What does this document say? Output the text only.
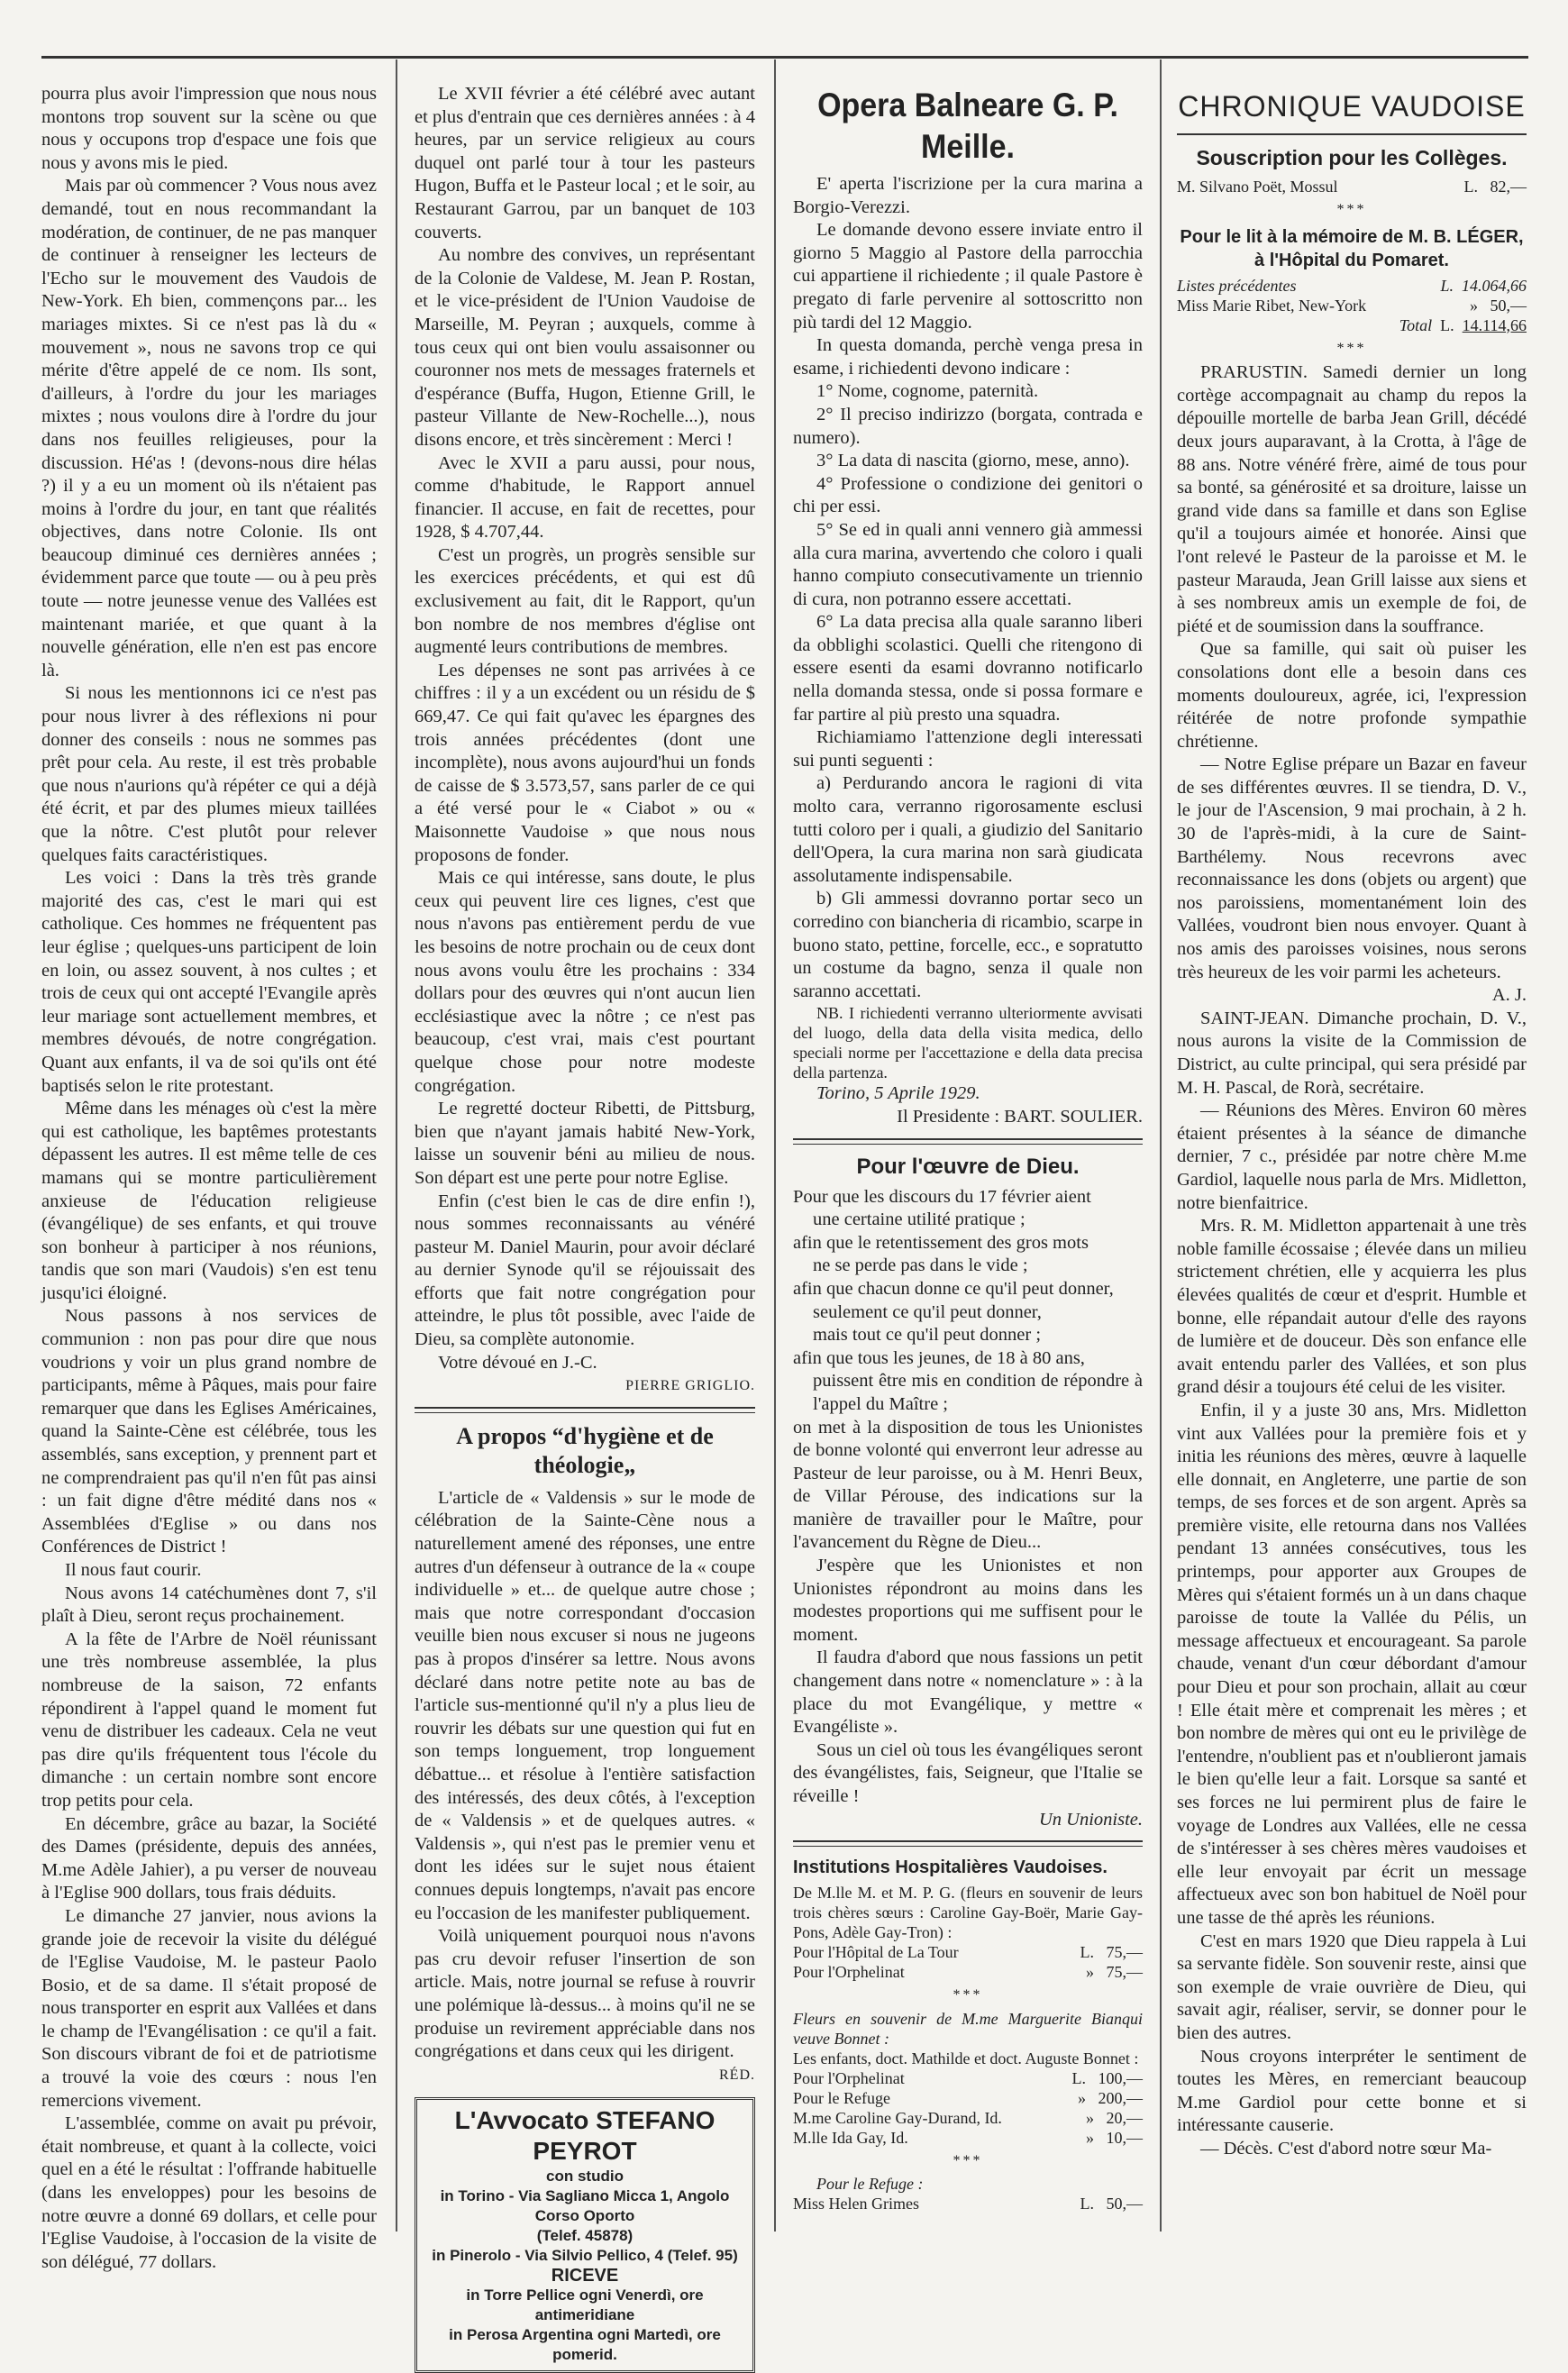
pourra plus avoir l'impression que nous nous montons trop souvent sur la scène ou que nous y occupons trop d'espace une fois que nous y avons mis le pied.

Mais par où commencer ? Vous nous avez demandé, tout en nous recommandant la modération, de continuer, de ne pas manquer de continuer à renseigner les lecteurs de l'Echo sur le mouvement des Vaudois de New-York. Eh bien, commençons par... les mariages mixtes. Si ce n'est pas là du « mouvement », nous ne savons trop ce qui mérite d'être appelé de ce nom. Ils sont, d'ailleurs, à l'ordre du jour les mariages mixtes ; nous voulons dire à l'ordre du jour dans nos feuilles religieuses, pour la discussion. Hé'as ! (devons-nous dire hélas ?) il y a eu un moment où ils n'étaient pas moins à l'ordre du jour, en tant que réalités objectives, dans notre Colonie. Ils ont beaucoup diminué ces dernières années ; évidemment parce que toute — ou à peu près toute — notre jeunesse venue des Vallées est maintenant mariée, et que quant à la nouvelle génération, elle n'en est pas encore là.

Si nous les mentionnons ici ce n'est pas pour nous livrer à des réflexions ni pour donner des conseils : nous ne sommes pas prêt pour cela. Au reste, il est très probable que nous n'aurions qu'à répéter ce qui a déjà été écrit, et par des plumes mieux taillées que la nôtre. C'est plutôt pour relever quelques faits caractéristiques.

Les voici : Dans la très très grande majorité des cas, c'est le mari qui est catholique. Ces hommes ne fréquentent pas leur église ; quelques-uns participent de loin en loin, ou assez souvent, à nos cultes ; et trois de ceux qui ont accepté l'Evangile après leur mariage sont actuellement membres, et membres dévoués, de notre congrégation. Quant aux enfants, il va de soi qu'ils ont été baptisés selon le rite protestant.

Même dans les ménages où c'est la mère qui est catholique, les baptêmes protestants dépassent les autres. Il est même telle de ces mamans qui se montre particulièrement anxieuse de l'éducation religieuse (évangélique) de ses enfants, et qui trouve son bonheur à participer à nos réunions, tandis que son mari (Vaudois) s'en est tenu jusqu'ici éloigné.

Nous passons à nos services de communion : non pas pour dire que nous voudrions y voir un plus grand nombre de participants, même à Pâques, mais pour faire remarquer que dans les Eglises Américaines, quand la Sainte-Cène est célébrée, tous les assemblés, sans exception, y prennent part et ne comprendraient pas qu'il n'en fût pas ainsi : un fait digne d'être médité dans nos « Assemblées d'Eglise » ou dans nos Conférences de District !

Il nous faut courir.

Nous avons 14 catéchumènes dont 7, s'il plaît à Dieu, seront reçus prochainement.

A la fête de l'Arbre de Noël réunissant une très nombreuse assemblée, la plus nombreuse de la saison, 72 enfants répondirent à l'appel quand le moment fut venu de distribuer les cadeaux. Cela ne veut pas dire qu'ils fréquentent tous l'école du dimanche : un certain nombre sont encore trop petits pour cela.

En décembre, grâce au bazar, la Société des Dames (présidente, depuis des années, M.me Adèle Jahier), a pu verser de nouveau à l'Eglise 900 dollars, tous frais déduits.

Le dimanche 27 janvier, nous avions la grande joie de recevoir la visite du délégué de l'Eglise Vaudoise, M. le pasteur Paolo Bosio, et de sa dame. Il s'était proposé de nous transporter en esprit aux Vallées et dans le champ de l'Evangélisation : ce qu'il a fait. Son discours vibrant de foi et de patriotisme a trouvé la voie des cœurs : nous l'en remercions vivement.

L'assemblée, comme on avait pu prévoir, était nombreuse, et quant à la collecte, voici quel en a été le résultat : l'offrande habituelle (dans les enveloppes) pour les besoins de notre œuvre a donné 69 dollars, et celle pour l'Eglise Vaudoise, à l'occasion de la visite de son délégué, 77 dollars.

Le XVII février a été célébré avec autant et plus d'entrain que ces dernières années : à 4 heures, par un service religieux au cours duquel ont parlé tour à tour les pasteurs Hugon, Buffa et le Pasteur local ; et le soir, au Restaurant Garrou, par un banquet de 103 couverts.

Au nombre des convives, un représentant de la Colonie de Valdese, M. Jean P. Rostan, et le vice-président de l'Union Vaudoise de Marseille, M. Peyran ; auxquels, comme à tous ceux qui ont bien voulu assaisonner ou couronner nos mets de messages fraternels et d'espérance (Buffa, Hugon, Etienne Grill, le pasteur Villante de New-Rochelle...), nous disons encore, et très sincèrement : Merci !

Avec le XVII a paru aussi, pour nous, comme d'habitude, le Rapport annuel financier. Il accuse, en fait de recettes, pour 1928, $ 4.707,44.

C'est un progrès, un progrès sensible sur les exercices précédents, et qui est dû exclusivement au fait, dit le Rapport, qu'un bon nombre de nos membres d'église ont augmenté leurs contributions de membres.

Les dépenses ne sont pas arrivées à ce chiffres : il y a un excédent ou un résidu de $ 669,47. Ce qui fait qu'avec les épargnes des trois années précédentes (dont une incomplète), nous avons aujourd'hui un fonds de caisse de $ 3.573,57, sans parler de ce qui a été versé pour le « Ciabot » ou « Maisonnette Vaudoise » que nous nous proposons de fonder.

Mais ce qui intéresse, sans doute, le plus ceux qui peuvent lire ces lignes, c'est que nous n'avons pas entièrement perdu de vue les besoins de notre prochain ou de ceux dont nous avons voulu être les prochains : 334 dollars pour des œuvres qui n'ont aucun lien ecclésiastique avec la nôtre ; ce n'est pas beaucoup, c'est vrai, mais c'est pourtant quelque chose pour notre modeste congrégation.

Le regretté docteur Ribetti, de Pittsburg, bien que n'ayant jamais habité New-York, laisse un souvenir béni au milieu de nous. Son départ est une perte pour notre Eglise.

Enfin (c'est bien le cas de dire enfin !), nous sommes reconnaissants au vénéré pasteur M. Daniel Maurin, pour avoir déclaré au dernier Synode qu'il se réjouissait des efforts que fait notre congrégation pour atteindre, le plus tôt possible, avec l'aide de Dieu, sa complète autonomie.

Votre dévoué en J.-C.

PIERRE GRIGLIO.

A propos “d'hygiène et de théologie„

L'article de « Valdensis » sur le mode de célébration de la Sainte-Cène nous a naturellement amené des réponses, une entre autres d'un défenseur à outrance de la « coupe individuelle » et... de quelque autre chose ; mais que notre correspondant d'occasion veuille bien nous excuser si nous ne jugeons pas à propos d'insérer sa lettre. Nous avons déclaré dans notre petite note au bas de l'article sus-mentionné qu'il n'y a plus lieu de rouvrir les débats sur une question qui fut en son temps longuement, trop longuement débattue... et résolue à l'entière satisfaction des intéressés, des deux côtés, à l'exception de « Valdensis » et de quelques autres. « Valdensis », qui n'est pas le premier venu et dont les idées sur le sujet nous étaient connues depuis longtemps, n'avait pas encore eu l'occasion de les manifester publiquement.

Voilà uniquement pourquoi nous n'avons pas cru devoir refuser l'insertion de son article. Mais, notre journal se refuse à rouvrir une polémique là-dessus... à moins qu'il ne se produise un revirement appréciable dans nos congrégations et dans ceux qui les dirigent.

RÉD.

L'Avvocato STEFANO PEYROT
con studio
in Torino - Via Sagliano Micca 1, Angolo Corso Oporto
(Telef. 45878)
in Pinerolo - Via Silvio Pellico, 4 (Telef. 95)
RICEVE
in Torre Pellice ogni Venerdì, ore antimeridiane
in Perosa Argentina ogni Martedì, ore pomerid.
Opera Balneare G. P. Meille.

E' aperta l'iscrizione per la cura marina a Borgio-Verezzi.

Le domande devono essere inviate entro il giorno 5 Maggio al Pastore della parrocchia cui appartiene il richiedente ; il quale Pastore è pregato di farle pervenire al sottoscritto non più tardi del 12 Maggio.

In questa domanda, perchè venga presa in esame, i richiedenti devono indicare :

1° Nome, cognome, paternità.

2° Il preciso indirizzo (borgata, contrada e numero).

3° La data di nascita (giorno, mese, anno).

4° Professione o condizione dei genitori o chi per essi.

5° Se ed in quali anni vennero già ammessi alla cura marina, avvertendo che coloro i quali hanno compiuto consecutivamente un triennio di cura, non potranno essere accettati.

6° La data precisa alla quale saranno liberi da obblighi scolastici. Quelli che ritengono di essere esenti da esami dovranno notificarlo nella domanda stessa, onde si possa formare e far partire al più presto una squadra.

Richiamiamo l'attenzione degli interessati sui punti seguenti :

a) Perdurando ancora le ragioni di vita molto cara, verranno rigorosamente esclusi tutti coloro per i quali, a giudizio del Sanitario dell'Opera, la cura marina non sarà giudicata assolutamente indispensabile.

b) Gli ammessi dovranno portar seco un corredino con biancheria di ricambio, scarpe in buono stato, pettine, forcelle, ecc., e sopratutto un costume da bagno, senza il quale non saranno accettati.

NB. I richiedenti verranno ulteriormente avvisati del luogo, della data della visita medica, dello speciali norme per l'accettazione e della data precisa della partenza.

Torino, 5 Aprile 1929.

Il Presidente : BART. SOULIER.

Pour l'œuvre de Dieu.

Pour que les discours du 17 février aient

une certaine utilité pratique ;

afin que le retentissement des gros mots

ne se perde pas dans le vide ;

afin que chacun donne ce qu'il peut donner,

seulement ce qu'il peut donner,

mais tout ce qu'il peut donner ;

afin que tous les jeunes, de 18 à 80 ans,

puissent être mis en condition de répondre à l'appel du Maître ;

on met à la disposition de tous les Unionistes de bonne volonté qui enverront leur adresse au Pasteur de leur paroisse, ou à M. Henri Beux, de Villar Pérouse, des indications sur la manière de travailler pour le Maître, pour l'avancement du Règne de Dieu...

J'espère que les Unionistes et non Unionistes répondront au moins dans les modestes proportions qui me suffisent pour le moment.

Il faudra d'abord que nous fassions un petit changement dans notre « nomenclature » : à la place du mot Evangélique, y mettre « Evangéliste ».

Sous un ciel où tous les évangéliques seront des évangélistes, fais, Seigneur, que l'Italie se réveille !

Un Unioniste.

Institutions Hospitalières Vaudoises.

De M.lle M. et M. P. G. (fleurs en souvenir de leurs trois chères sœurs : Caroline Gay-Boër, Marie Gay-Pons, Adèle Gay-Tron) :

Pour l'Hôpital de La Tour	L. 75,—
Pour l'Orphelinat	» 75,—
***

Fleurs en souvenir de M.me Marguerite Bianqui veuve Bonnet :

Les enfants, doct. Mathilde et doct. Auguste Bonnet :

Pour l'Orphelinat	L. 100,—
Pour le Refuge	» 200,—
M.me Caroline Gay-Durand, Id.	» 20,—
M.lle Ida Gay, Id.	» 10,—
***

Pour le Refuge :

Miss Helen Grimes	L. 50,—
CHRONIQUE VAUDOISE
Souscription pour les Collèges.
M. Silvano Poët, Mossul	L. 82,—
***
Pour le lit à la mémoire de M. B. LÉGER, à l'Hôpital du Pomaret.
Listes précédentes	L. 14.064,66
Miss Marie Ribet, New-York	» 50,—
Total L. 14.114,66
***

PRARUSTIN. Samedi dernier un long cortège accompagnait au champ du repos la dépouille mortelle de barba Jean Grill, décédé deux jours auparavant, à la Crotta, à l'âge de 88 ans. Notre vénéré frère, aimé de tous pour sa bonté, sa générosité et sa droiture, laisse un grand vide dans sa famille et dans son Eglise qu'il a toujours aimée et honorée. Ainsi que l'ont relevé le Pasteur de la paroisse et M. le pasteur Marauda, Jean Grill laisse aux siens et à ses nombreux amis un exemple de foi, de piété et de soumission dans la souffrance.

Que sa famille, qui sait où puiser les consolations dont elle a besoin dans ces moments douloureux, agrée, ici, l'expression réitérée de notre profonde sympathie chrétienne.

— Notre Eglise prépare un Bazar en faveur de ses différentes œuvres. Il se tiendra, D. V., le jour de l'Ascension, 9 mai prochain, à 2 h. 30 de l'après-midi, à la cure de Saint-Barthélemy. Nous recevrons avec reconnaissance les dons (objets ou argent) que nos paroissiens, momentanément loin des Vallées, voudront bien nous envoyer. Quant à nos amis des paroisses voisines, nous serons très heureux de les voir parmi les acheteurs.

A. J.

SAINT-JEAN. Dimanche prochain, D. V., nous aurons la visite de la Commission de District, au culte principal, qui sera présidé par M. H. Pascal, de Rorà, secrétaire.

— Réunions des Mères. Environ 60 mères étaient présentes à la séance de dimanche dernier, 7 c., présidée par notre chère M.me Gardiol, laquelle nous parla de Mrs. Midletton, notre bienfaitrice.

Mrs. R. M. Midletton appartenait à une très noble famille écossaise ; élevée dans un milieu strictement chrétien, elle y acquierra les plus élevées qualités de cœur et d'esprit. Humble et bonne, elle répandait autour d'elle des rayons de lumière et de douceur. Dès son enfance elle avait entendu parler des Vallées, et son plus grand désir a toujours été celui de les visiter.

Enfin, il y a juste 30 ans, Mrs. Midletton vint aux Vallées pour la première fois et y initia les réunions des mères, œuvre à laquelle elle donnait, en Angleterre, une partie de son temps, de ses forces et de son argent. Après sa première visite, elle retourna dans nos Vallées pendant 13 années consécutives, tous les printemps, pour apporter aux Groupes de Mères qui s'étaient formés un à un dans chaque paroisse de toute la Vallée du Pélis, un message affectueux et encourageant. Sa parole chaude, venant d'un cœur débordant d'amour pour Dieu et pour son prochain, allait au cœur ! Elle était mère et comprenait les mères ; et bon nombre de mères qui ont eu le privilège de l'entendre, n'oublient pas et n'oublieront jamais le bien qu'elle leur a fait. Lorsque sa santé et ses forces ne lui permirent plus de faire le voyage de Londres aux Vallées, elle ne cessa de s'intéresser à ses chères mères vaudoises et elle leur envoyait par écrit un message affectueux avec son bon habituel de Noël pour une tasse de thé après les réunions.

C'est en mars 1920 que Dieu rappela à Lui sa servante fidèle. Son souvenir reste, ainsi que son exemple de vraie ouvrière de Dieu, qui savait agir, réaliser, servir, se donner pour le bien des autres.

Nous croyons interpréter le sentiment de toutes les Mères, en remerciant beaucoup M.me Gardiol pour cette bonne et si intéressante causerie.

— Décès. C'est d'abord notre sœur Ma-
